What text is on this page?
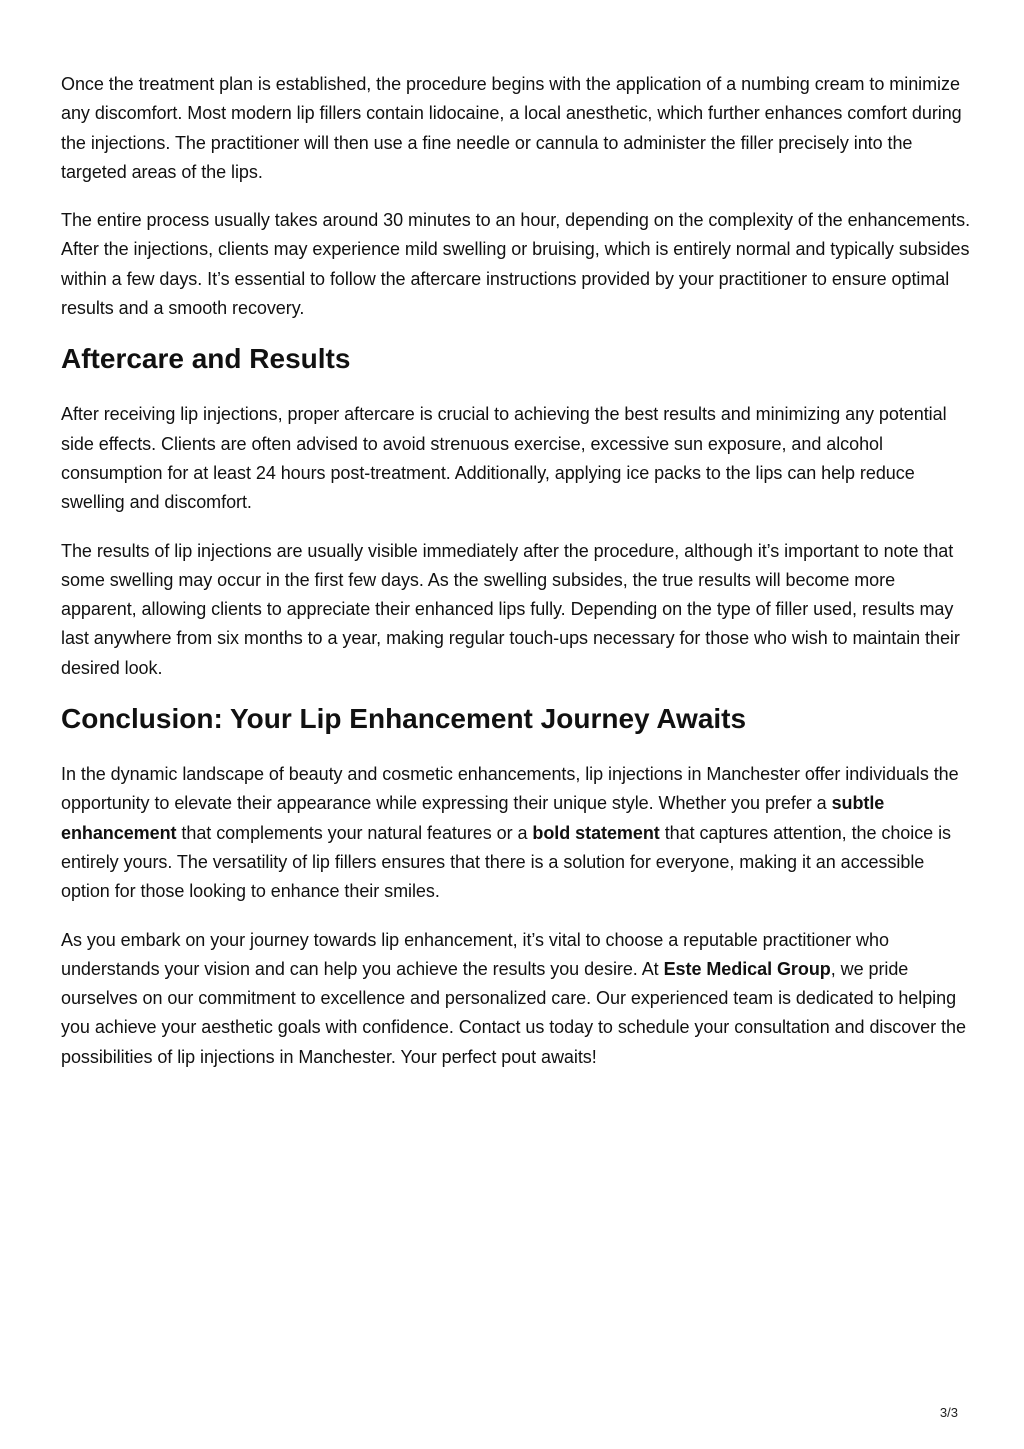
Once the treatment plan is established, the procedure begins with the application of a numbing cream to minimize any discomfort. Most modern lip fillers contain lidocaine, a local anesthetic, which further enhances comfort during the injections. The practitioner will then use a fine needle or cannula to administer the filler precisely into the targeted areas of the lips.

The entire process usually takes around 30 minutes to an hour, depending on the complexity of the enhancements. After the injections, clients may experience mild swelling or bruising, which is entirely normal and typically subsides within a few days. It’s essential to follow the aftercare instructions provided by your practitioner to ensure optimal results and a smooth recovery.

Aftercare and Results

After receiving lip injections, proper aftercare is crucial to achieving the best results and minimizing any potential side effects. Clients are often advised to avoid strenuous exercise, excessive sun exposure, and alcohol consumption for at least 24 hours post-treatment. Additionally, applying ice packs to the lips can help reduce swelling and discomfort.

The results of lip injections are usually visible immediately after the procedure, although it’s important to note that some swelling may occur in the first few days. As the swelling subsides, the true results will become more apparent, allowing clients to appreciate their enhanced lips fully. Depending on the type of filler used, results may last anywhere from six months to a year, making regular touch-ups necessary for those who wish to maintain their desired look.

Conclusion: Your Lip Enhancement Journey Awaits

In the dynamic landscape of beauty and cosmetic enhancements, lip injections in Manchester offer individuals the opportunity to elevate their appearance while expressing their unique style. Whether you prefer a subtle enhancement that complements your natural features or a bold statement that captures attention, the choice is entirely yours. The versatility of lip fillers ensures that there is a solution for everyone, making it an accessible option for those looking to enhance their smiles.

As you embark on your journey towards lip enhancement, it’s vital to choose a reputable practitioner who understands your vision and can help you achieve the results you desire. At Este Medical Group, we pride ourselves on our commitment to excellence and personalized care. Our experienced team is dedicated to helping you achieve your aesthetic goals with confidence. Contact us today to schedule your consultation and discover the possibilities of lip injections in Manchester. Your perfect pout awaits!

3/3
